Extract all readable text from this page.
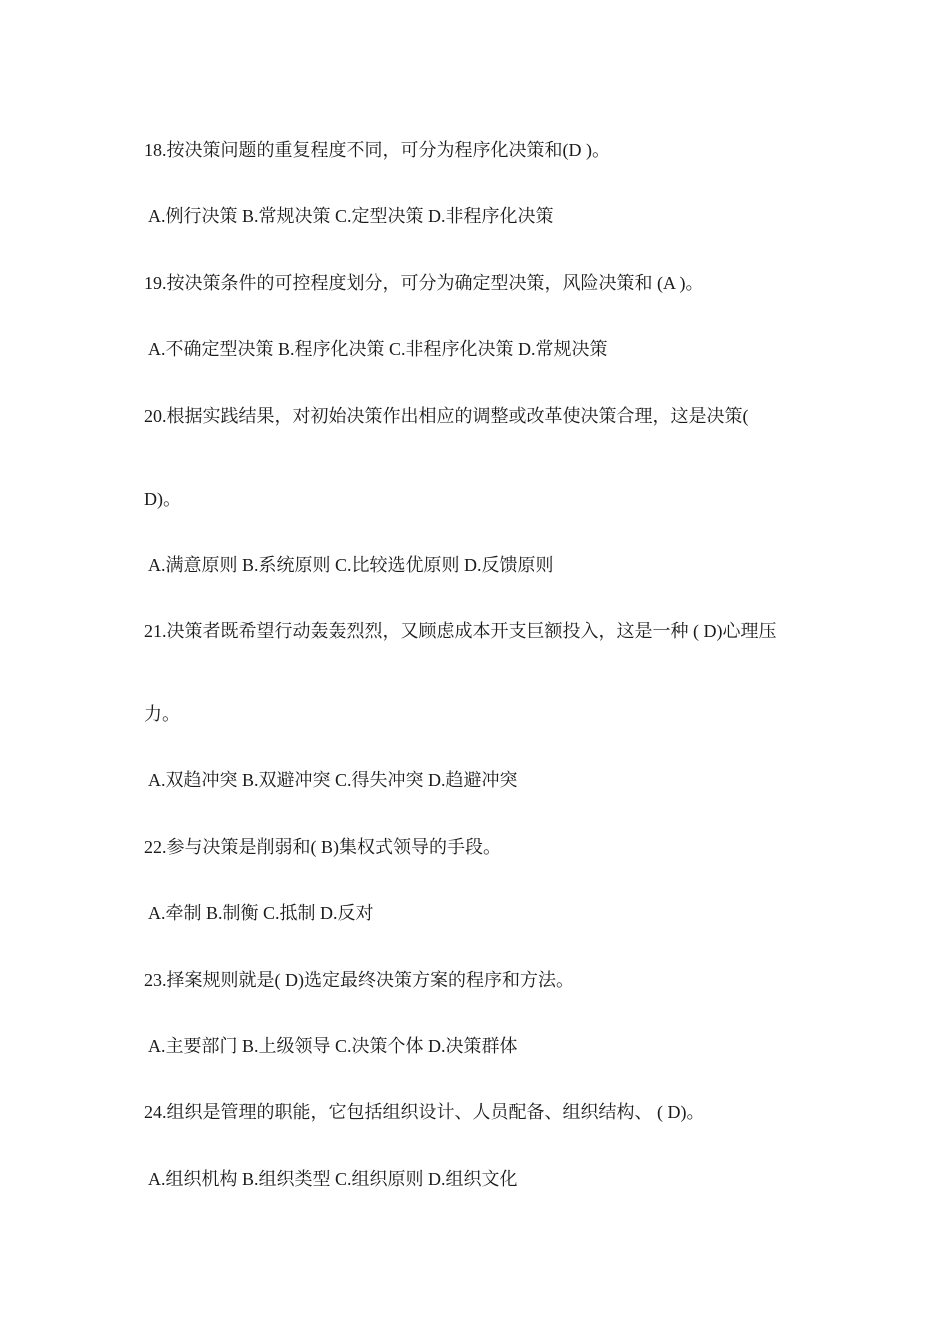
18.按决策问题的重复程度不同，可分为程序化决策和(D )。
A.例行决策 B.常规决策 C.定型决策 D.非程序化决策
19.按决策条件的可控程度划分，可分为确定型决策，风险决策和 (A )。
A.不确定型决策 B.程序化决策 C.非程序化决策 D.常规决策
20.根据实践结果，对初始决策作出相应的调整或改革使决策合理，这是决策(
D)。
A.满意原则 B.系统原则 C.比较选优原则 D.反馈原则
21.决策者既希望行动轰轰烈烈，又顾虑成本开支巨额投入，这是一种 ( D)心理压
力。
A.双趋冲突 B.双避冲突 C.得失冲突 D.趋避冲突
22.参与决策是削弱和( B)集权式领导的手段。
A.牵制 B.制衡 C.抵制 D.反对
23.择案规则就是( D)选定最终决策方案的程序和方法。
A.主要部门 B.上级领导 C.决策个体 D.决策群体
24.组织是管理的职能，它包括组织设计、人员配备、组织结构、 ( D)。
A.组织机构 B.组织类型 C.组织原则 D.组织文化
